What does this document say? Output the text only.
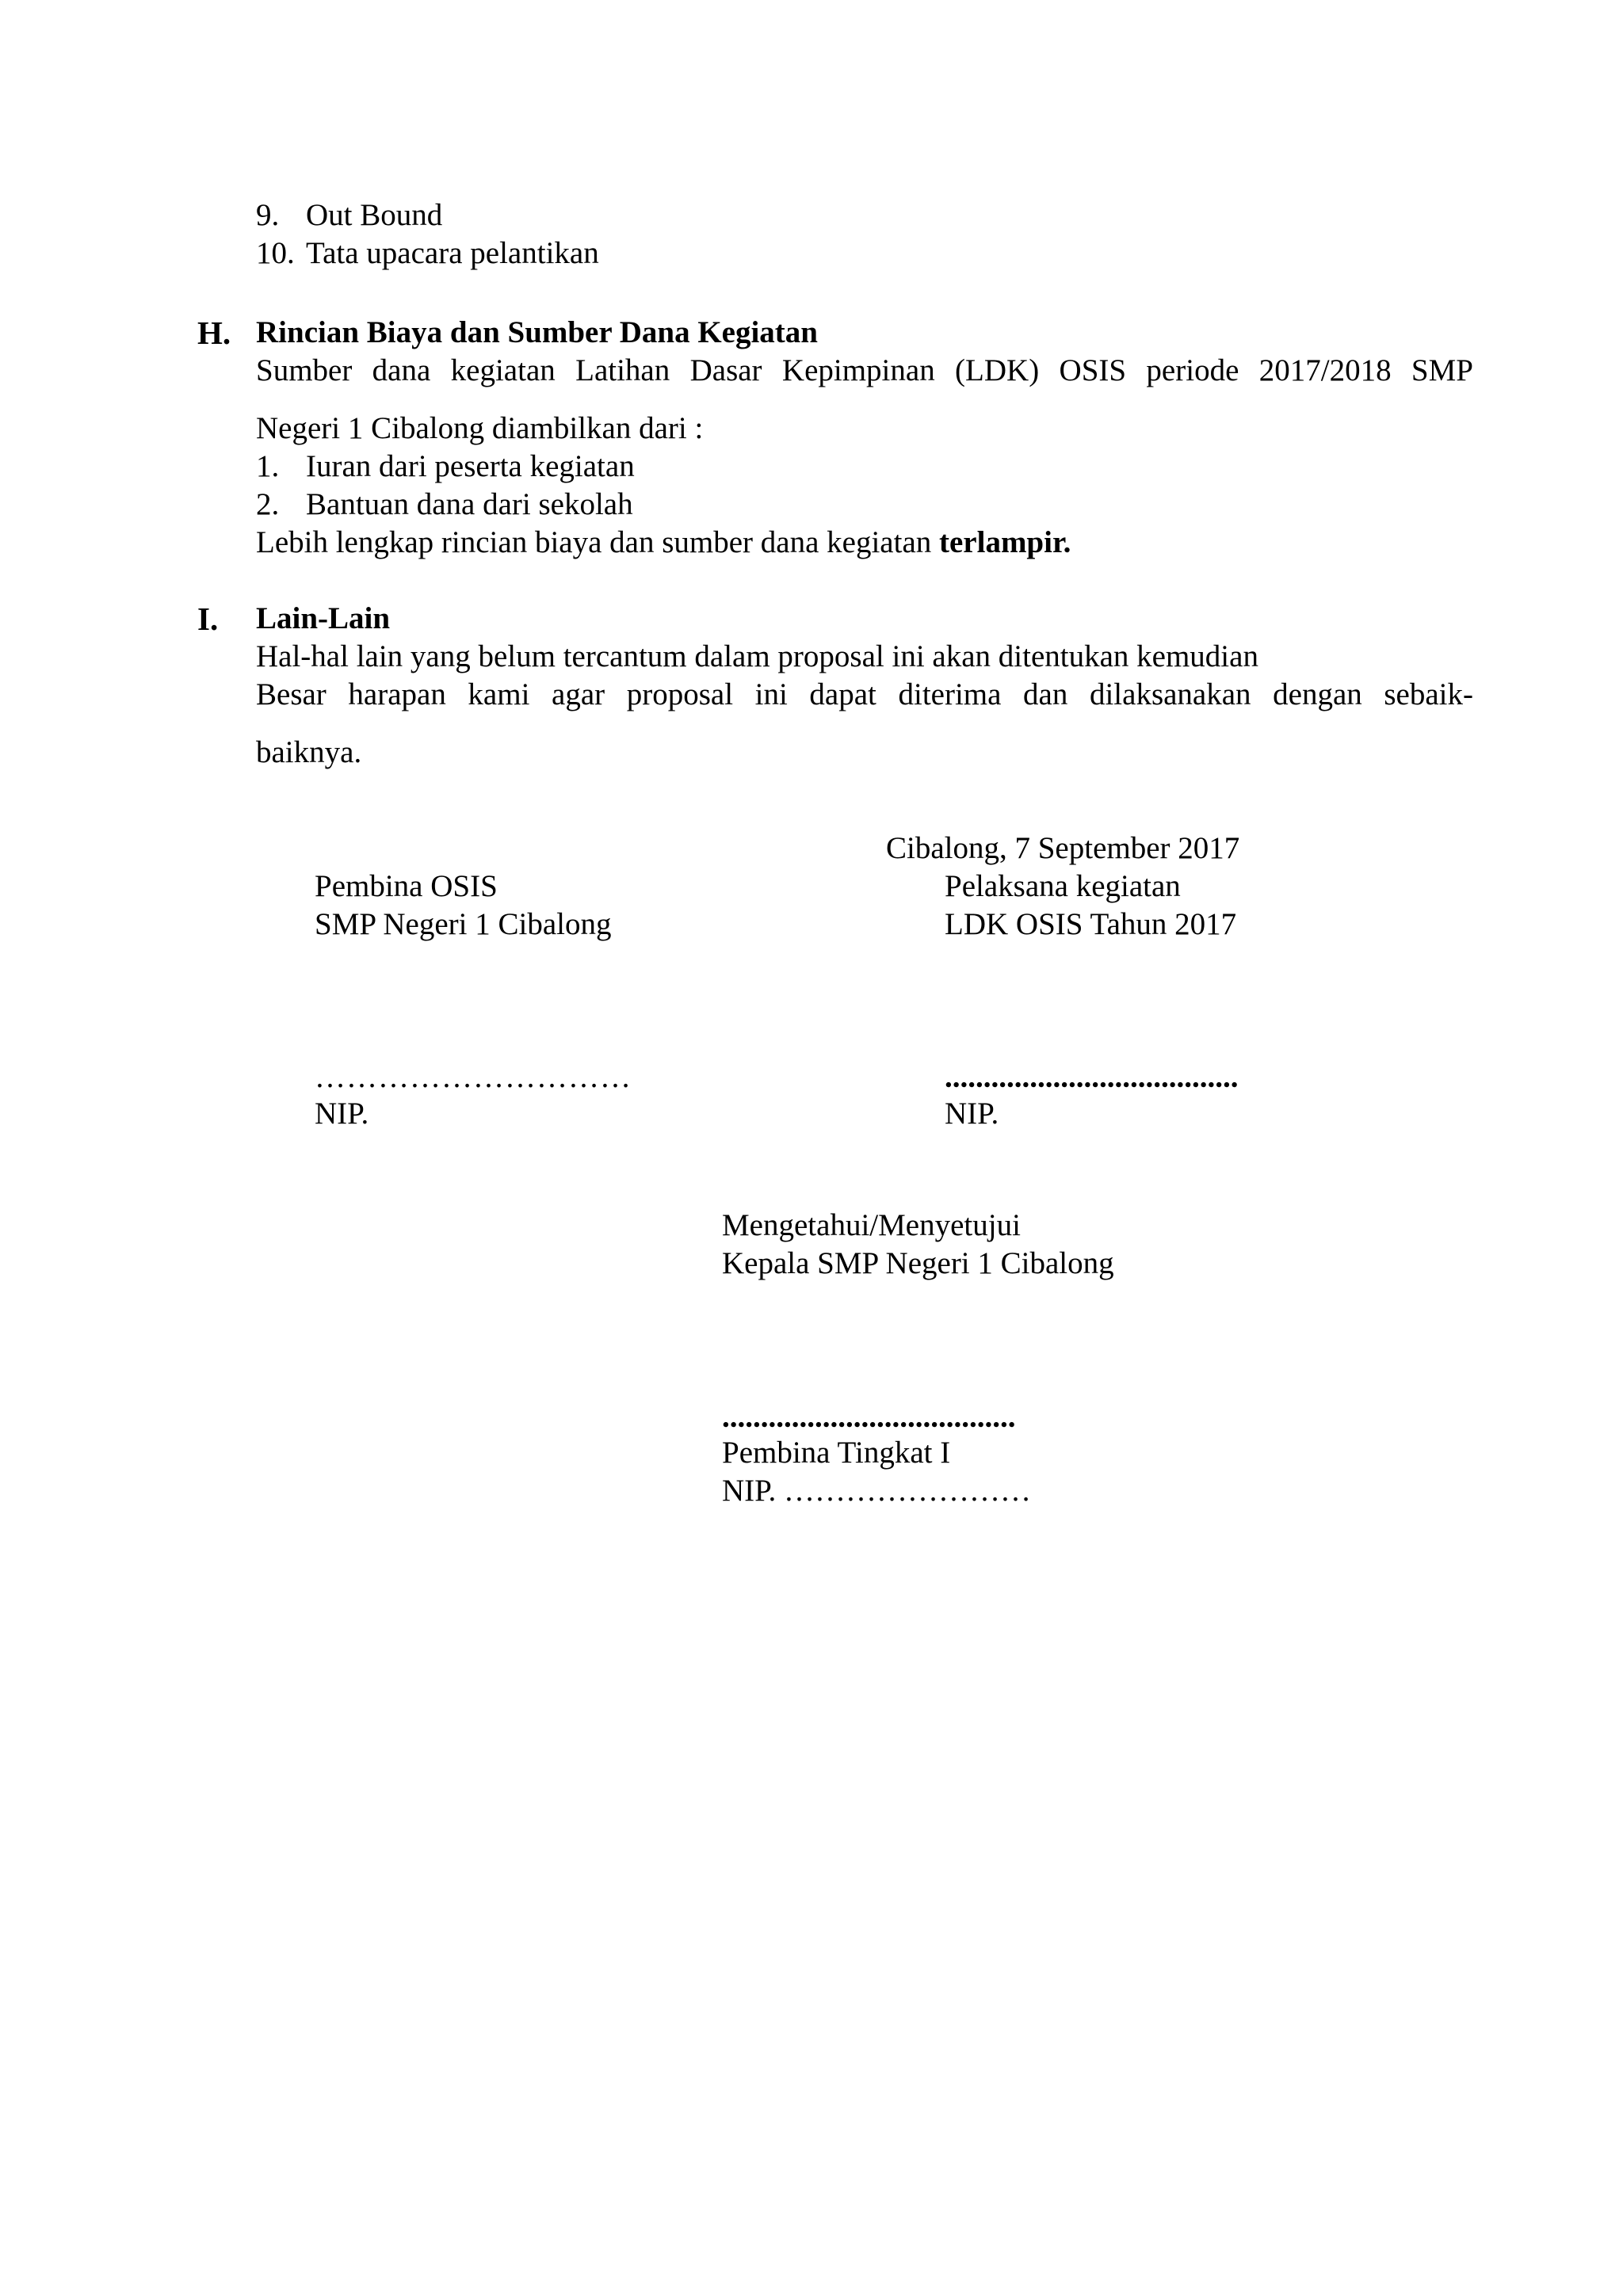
9. Out Bound
10. Tata upacara pelantikan
H. Rincian Biaya dan Sumber Dana Kegiatan
Sumber dana kegiatan Latihan Dasar Kepimpinan (LDK) OSIS periode 2017/2018 SMP
Negeri 1 Cibalong diambilkan dari :
1. Iuran dari peserta kegiatan
2. Bantuan dana dari sekolah
Lebih lengkap rincian biaya dan sumber dana kegiatan terlampir.
I. Lain-Lain
Hal-hal lain yang belum tercantum dalam proposal ini akan ditentukan kemudian
Besar harapan kami agar proposal ini dapat diterima dan dilaksanakan dengan sebaik-
baiknya.
Cibalong, 7 September 2017
Pembina OSIS
SMP Negeri 1 Cibalong
…………………………
NIP.
Pelaksana kegiatan
LDK OSIS Tahun 2017
......................................
NIP.
Mengetahui/Menyetujui
Kepala SMP Negeri 1 Cibalong
......................................
Pembina Tingkat I
NIP. ……………………
